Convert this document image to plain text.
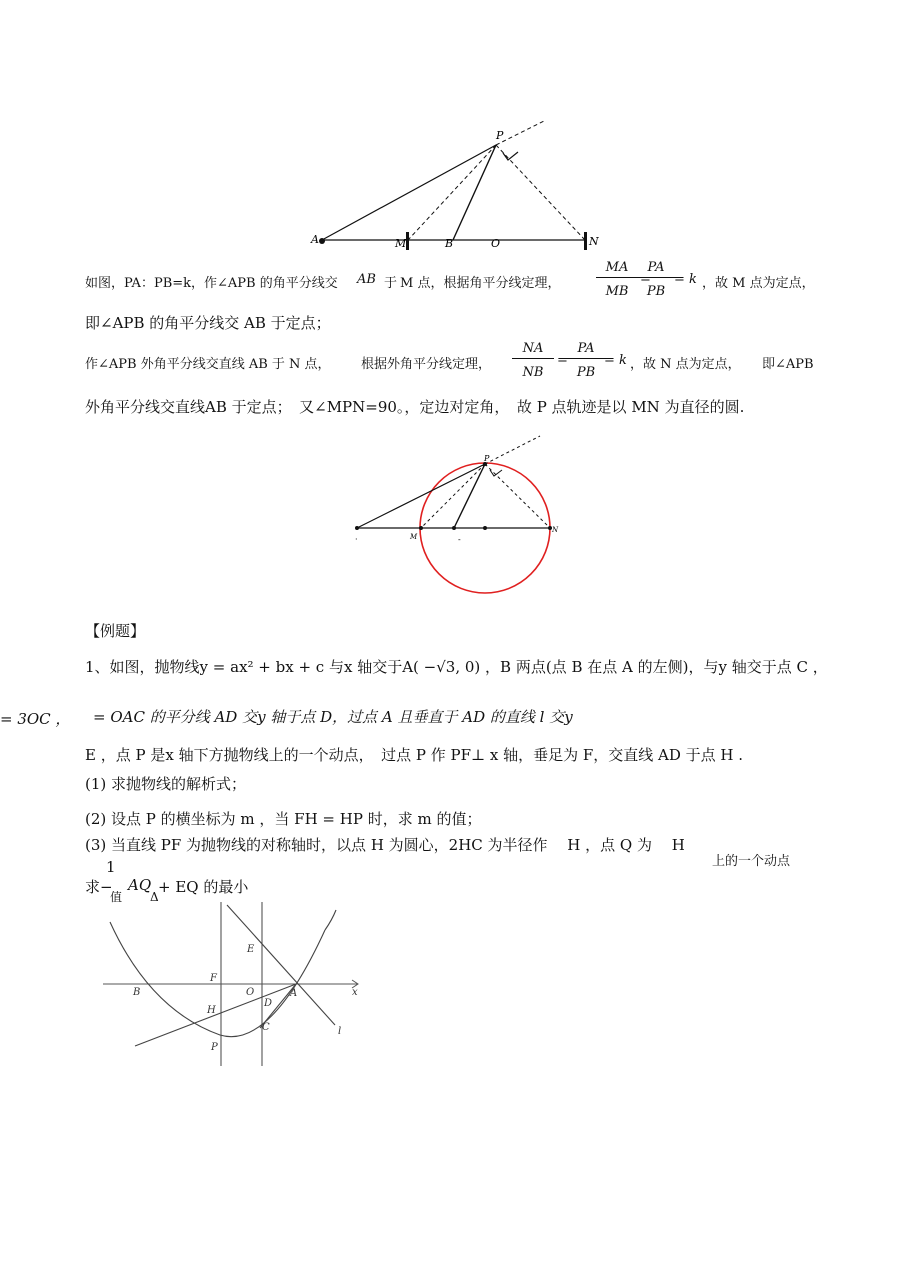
P
A	M	B	O	N
如图，PA：PB=k，作∠APB 的角平分线交 AB 于 M 点，根据角平分线定理，	$\frac{MA}{MB}$ =
$\frac{PA}{PB}$
= k ，故 M 点为定点，
即∠APB 的角平分线交 AB 于定点；
作∠APB 外角平分线交直线 AB 于 N 点， 根据外角平分线定理， $\frac{NA}{NB}$ =
$\frac{PA}{PB}$
= k ，故 N 点为定点， 即∠APB
外角平分线交直线AB 于定点；　又∠MPN=90。，定边对定角，　故 P 点轨迹是以 MN 为直径的圆.
P
M
N
·	-
【例题】
1、如图，抛物线y = ax² + bx + c 与x 轴交于A( −√3, 0) ，B 两点(点 B 在点 A 的左侧)，与y 轴交于点 C ，
= 3OC ， = OAC 的平分线 AD 交y 轴于点 D，过点 A 且垂直于 AD 的直线 l 交y
E ，点 P 是x 轴下方抛物线上的一个动点，　过点 P 作 PF⊥ x 轴，垂足为 F，交直线 AD 于点 H .
(1) 求抛物线的解析式；
(2) 设点 P 的横坐标为 m ，当 FH = HP 时，求 m 的值；
(3) 当直线 PF 为抛物线的对称轴时，以点 H 为圆心，2HC 为半径作　 H ，点 Q 为　 H
上的一个动点
求−
1
值
AQ
Δ
+ EQ 的最小
E
F
B	O	A
D
H
C
P
x
l
